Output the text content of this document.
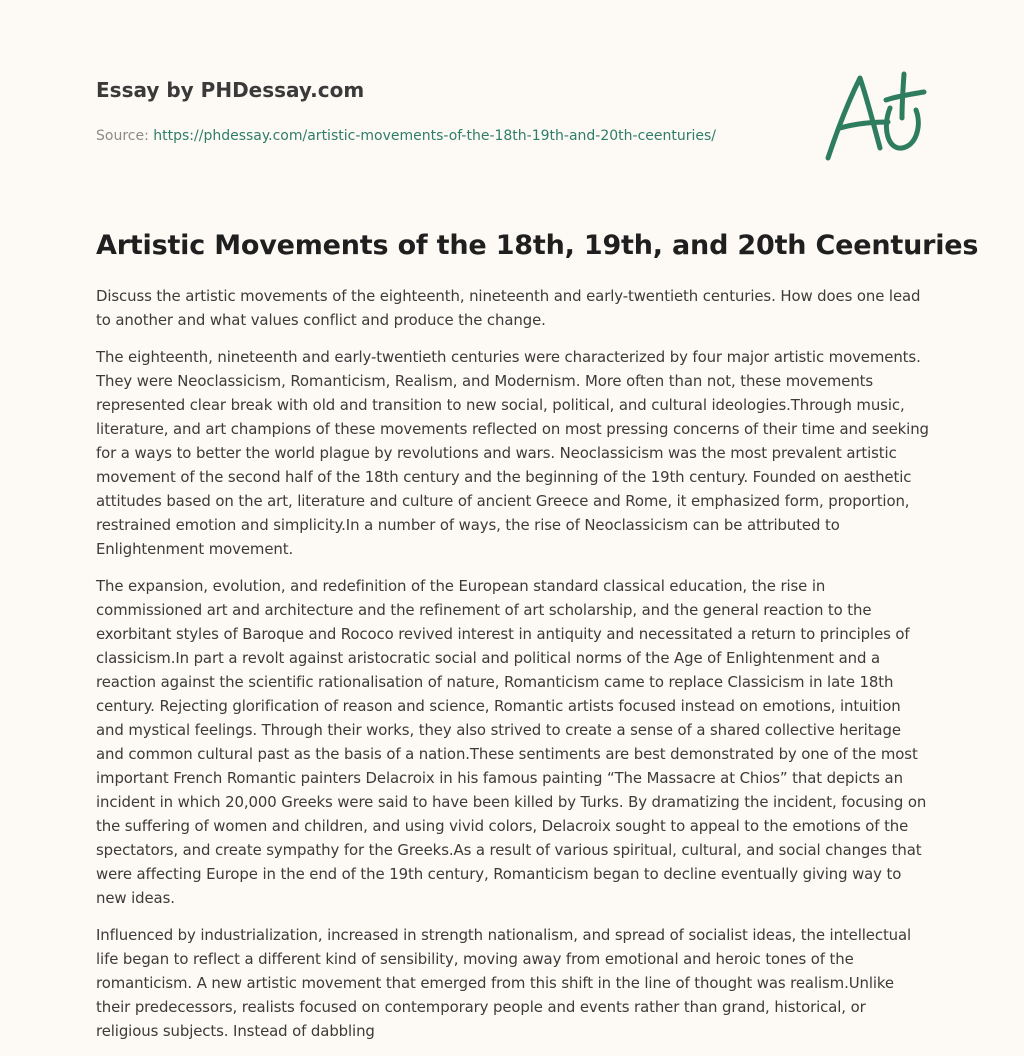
Essay by PHDessay.com
Source: https://phdessay.com/artistic-movements-of-the-18th-19th-and-20th-ceenturies/
Artistic Movements of the 18th, 19th, and 20th Ceenturies

Discuss the artistic movements of the eighteenth, nineteenth and early-twentieth centuries. How does one lead to another and what values conflict and produce the change.

The eighteenth, nineteenth and early-twentieth centuries were characterized by four major artistic movements. They were Neoclassicism, Romanticism, Realism, and Modernism. More often than not, these movements represented clear break with old and transition to new social, political, and cultural ideologies.Through music, literature, and art champions of these movements reflected on most pressing concerns of their time and seeking for a ways to better the world plague by revolutions and wars. Neoclassicism was the most prevalent artistic movement of the second half of the 18th century and the beginning of the 19th century. Founded on aesthetic attitudes based on the art, literature and culture of ancient Greece and Rome, it emphasized form, proportion, restrained emotion and simplicity.In a number of ways, the rise of Neoclassicism can be attributed to Enlightenment movement.

The expansion, evolution, and redefinition of the European standard classical education, the rise in commissioned art and architecture and the refinement of art scholarship, and the general reaction to the exorbitant styles of Baroque and Rococo revived interest in antiquity and necessitated a return to principles of classicism.In part a revolt against aristocratic social and political norms of the Age of Enlightenment and a reaction against the scientific rationalisation of nature, Romanticism came to replace Classicism in late 18th century. Rejecting glorification of reason and science, Romantic artists focused instead on emotions, intuition and mystical feelings. Through their works, they also strived to create a sense of a shared collective heritage and common cultural past as the basis of a nation.These sentiments are best demonstrated by one of the most important French Romantic painters Delacroix in his famous painting “The Massacre at Chios” that depicts an incident in which 20,000 Greeks were said to have been killed by Turks. By dramatizing the incident, focusing on the suffering of women and children, and using vivid colors, Delacroix sought to appeal to the emotions of the spectators, and create sympathy for the Greeks.As a result of various spiritual, cultural, and social changes that were affecting Europe in the end of the 19th century, Romanticism began to decline eventually giving way to new ideas.

Influenced by industrialization, increased in strength nationalism, and spread of socialist ideas, the intellectual life began to reflect a different kind of sensibility, moving away from emotional and heroic tones of the romanticism. A new artistic movement that emerged from this shift in the line of thought was realism.Unlike their predecessors, realists focused on contemporary people and events rather than grand, historical, or religious subjects. Instead of dabbling
